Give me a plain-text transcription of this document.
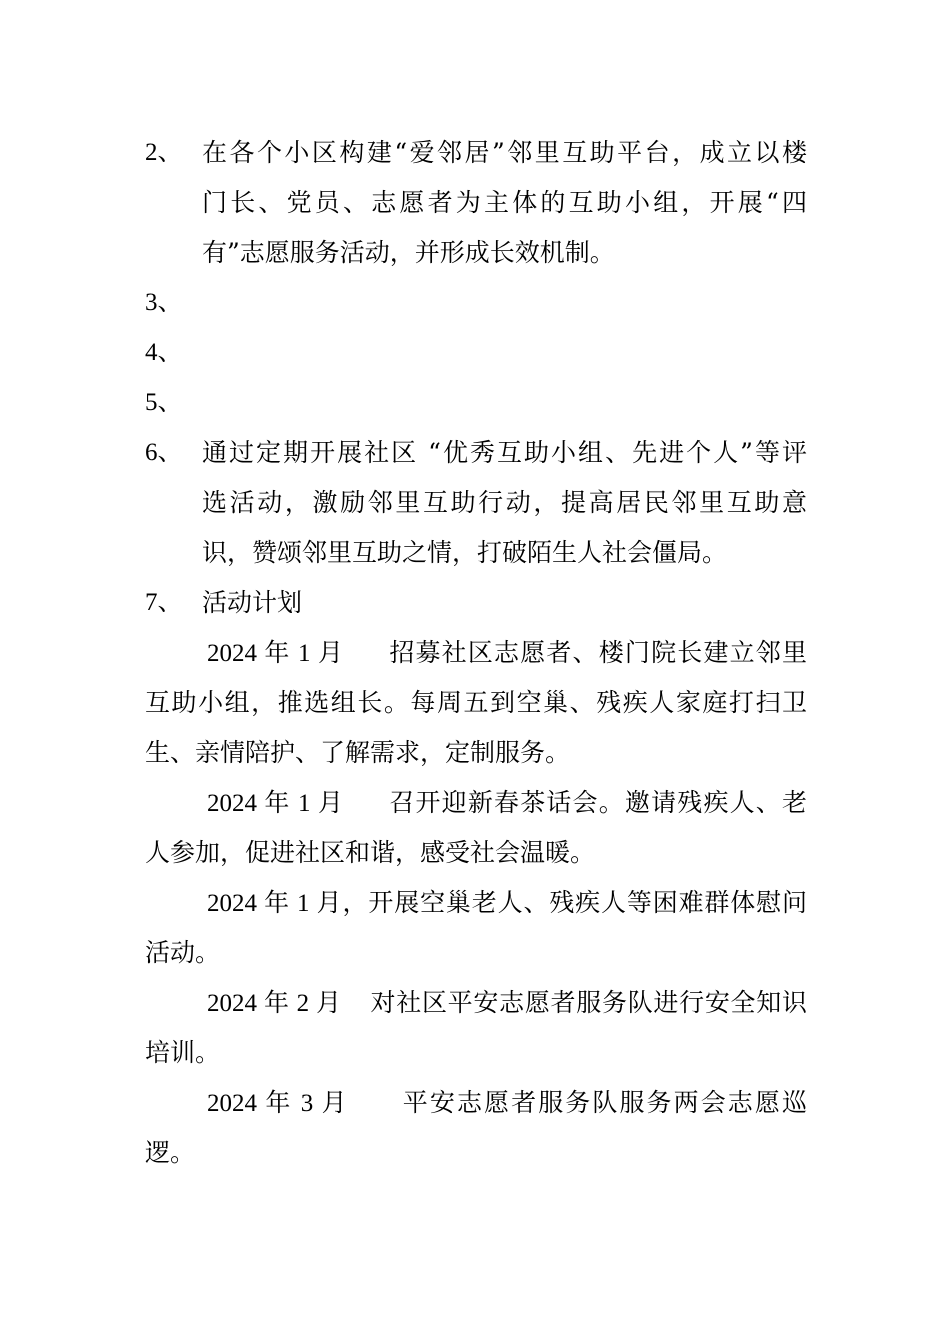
2、 在各个小区构建“爱邻居”邻里互助平台，成立以楼
门长、党员、志愿者为主体的互助小组，开展“四
有”志愿服务活动，并形成长效机制。
3、
4、
5、
6、 通过定期开展社区 “优秀互助小组、先进个人”等评
选活动，激励邻里互助行动，提高居民邻里互助意
识，赞颂邻里互助之情，打破陌生人社会僵局。
7、 活动计划
2024 年 1 月 招募社区志愿者、楼门院长建立邻里
互助小组，推选组长。每周五到空巢、残疾人家庭打扫卫
生、亲情陪护、了解需求，定制服务。
2024 年 1 月 召开迎新春茶话会。邀请残疾人、老
人参加，促进社区和谐，感受社会温暖。
2024 年 1 月，开展空巢老人、残疾人等困难群体慰问
活动。
2024 年 2 月 对社区平安志愿者服务队进行安全知识
培训。
2024 年 3 月 平安志愿者服务队服务两会志愿巡
逻。
